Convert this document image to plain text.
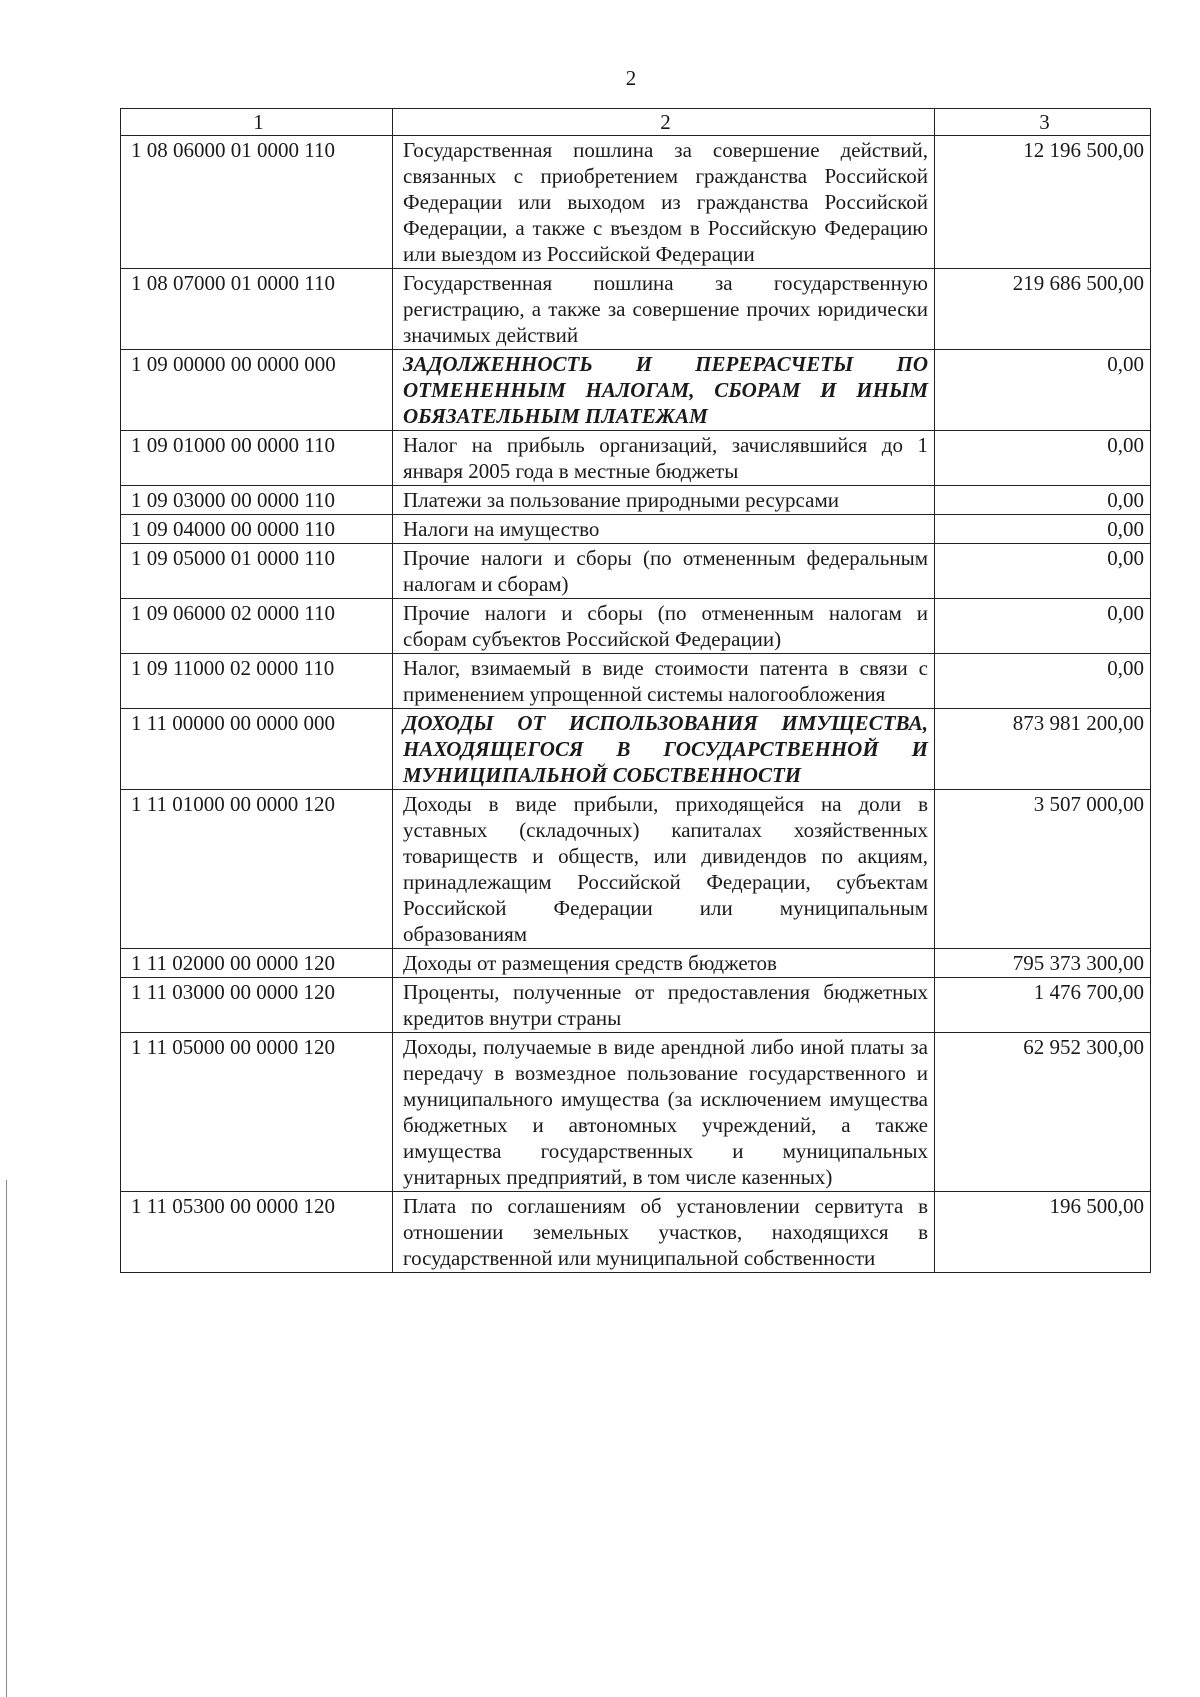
2
1	2	3
1 08 06000 01 0000 110	Государственная пошлина за совершение действий, связанных с приобретением гражданства Российской Федерации или выходом из гражданства Российской Федерации, а также с въездом в Российскую Федерацию или выездом из Российской Федерации	12 196 500,00
1 08 07000 01 0000 110	Государственная пошлина за государственную регистрацию, а также за совершение прочих юридически значимых действий	219 686 500,00
1 09 00000 00 0000 000	ЗАДОЛЖЕННОСТЬ И ПЕРЕРАСЧЕТЫ ПО ОТМЕНЕННЫМ НАЛОГАМ, СБОРАМ И ИНЫМ ОБЯЗАТЕЛЬНЫМ ПЛАТЕЖАМ	0,00
1 09 01000 00 0000 110	Налог на прибыль организаций, зачислявшийся до 1 января 2005 года в местные бюджеты	0,00
1 09 03000 00 0000 110	Платежи за пользование природными ресурсами	0,00
1 09 04000 00 0000 110	Налоги на имущество	0,00
1 09 05000 01 0000 110	Прочие налоги и сборы (по отмененным федеральным налогам и сборам)	0,00
1 09 06000 02 0000 110	Прочие налоги и сборы (по отмененным налогам и сборам субъектов Российской Федерации)	0,00
1 09 11000 02 0000 110	Налог, взимаемый в виде стоимости патента в связи с применением упрощенной системы налогообложения	0,00
1 11 00000 00 0000 000	ДОХОДЫ ОТ ИСПОЛЬЗОВАНИЯ ИМУЩЕСТВА, НАХОДЯЩЕГОСЯ В ГОСУДАРСТВЕННОЙ И МУНИЦИПАЛЬНОЙ СОБСТВЕННОСТИ	873 981 200,00
1 11 01000 00 0000 120	Доходы в виде прибыли, приходящейся на доли в уставных (складочных) капиталах хозяйственных товариществ и обществ, или дивидендов по акциям, принадлежащим Российской Федерации, субъектам Российской Федерации или муниципальным образованиям	3 507 000,00
1 11 02000 00 0000 120	Доходы от размещения средств бюджетов	795 373 300,00
1 11 03000 00 0000 120	Проценты, полученные от предоставления бюджетных кредитов внутри страны	1 476 700,00
1 11 05000 00 0000 120	Доходы, получаемые в виде арендной либо иной платы за передачу в возмездное пользование государственного и муниципального имущества (за исключением имущества бюджетных и автономных учреждений, а также имущества государственных и муниципальных унитарных предприятий, в том числе казенных)	62 952 300,00
1 11 05300 00 0000 120	Плата по соглашениям об установлении сервитута в отношении земельных участков, находящихся в государственной или муниципальной собственности	196 500,00
